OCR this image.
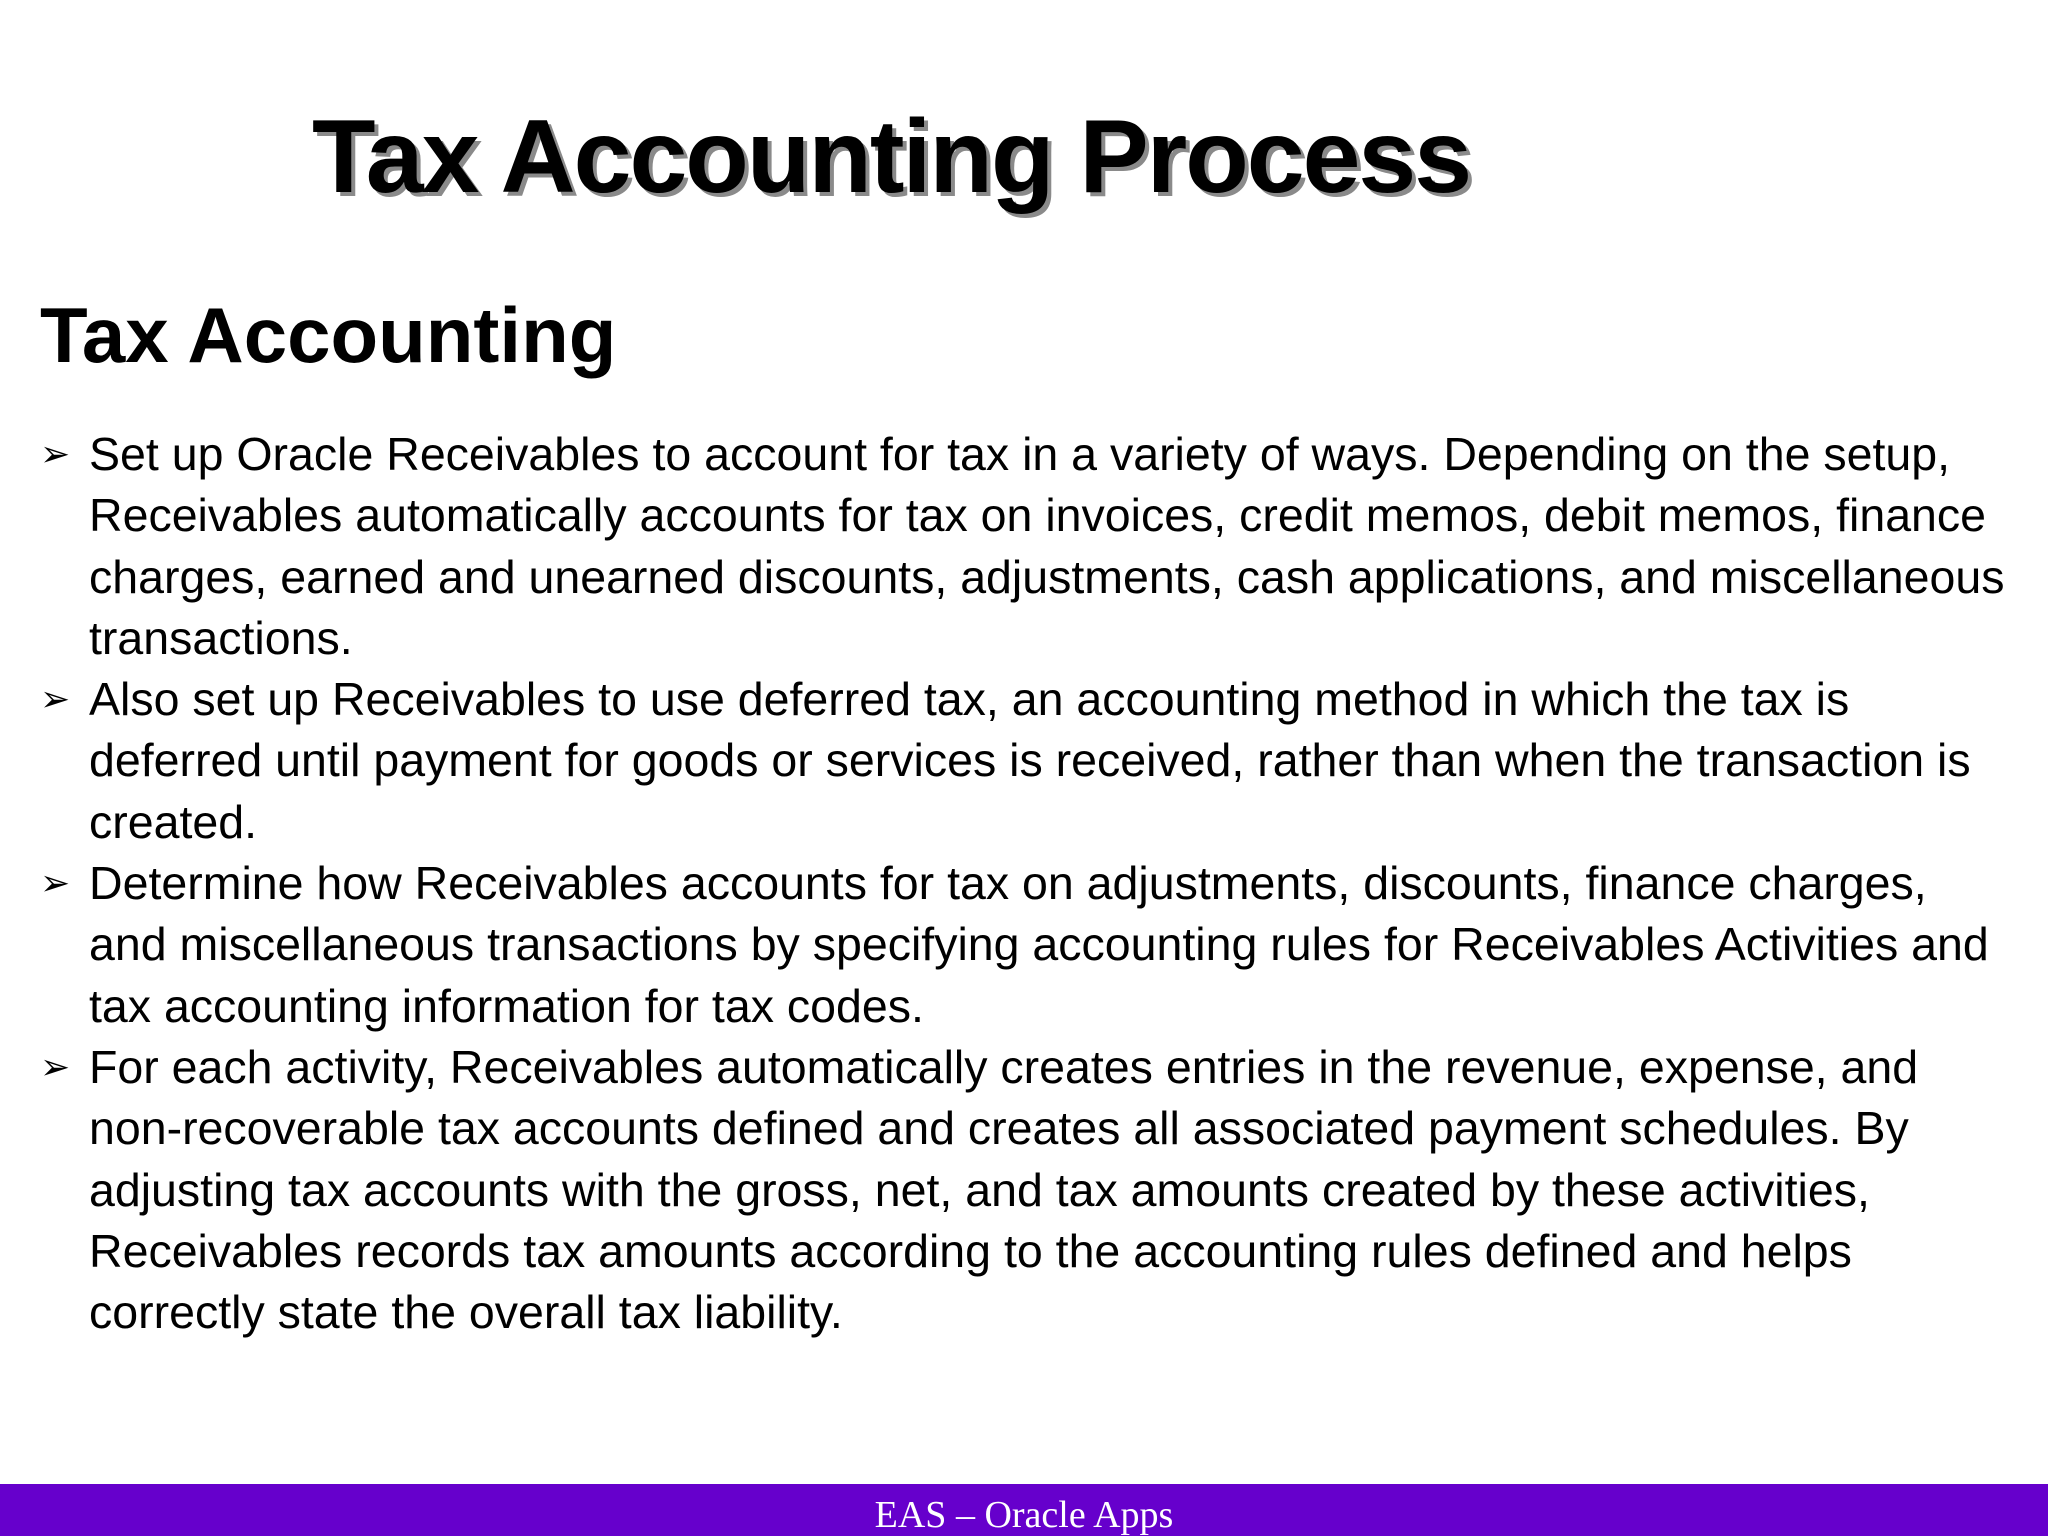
Tax Accounting Process
Tax Accounting
➢ Set up Oracle Receivables to account for tax in a variety of ways. Depending on the setup, Receivables automatically accounts for tax on invoices, credit memos, debit memos, finance charges, earned and unearned discounts, adjustments, cash applications, and miscellaneous transactions.
➢ Also set up Receivables to use deferred tax, an accounting method in which the tax is deferred until payment for goods or services is received, rather than when the transaction is created.
➢ Determine how Receivables accounts for tax on adjustments, discounts, finance charges, and miscellaneous transactions by specifying accounting rules for Receivables Activities and tax accounting information for tax codes.
➢ For each activity, Receivables automatically creates entries in the revenue, expense, and non-recoverable tax accounts defined and creates all associated payment schedules. By adjusting tax accounts with the gross, net, and tax amounts created by these activities, Receivables records tax amounts according to the accounting rules defined and helps correctly state the overall tax liability.
EAS – Oracle Apps
